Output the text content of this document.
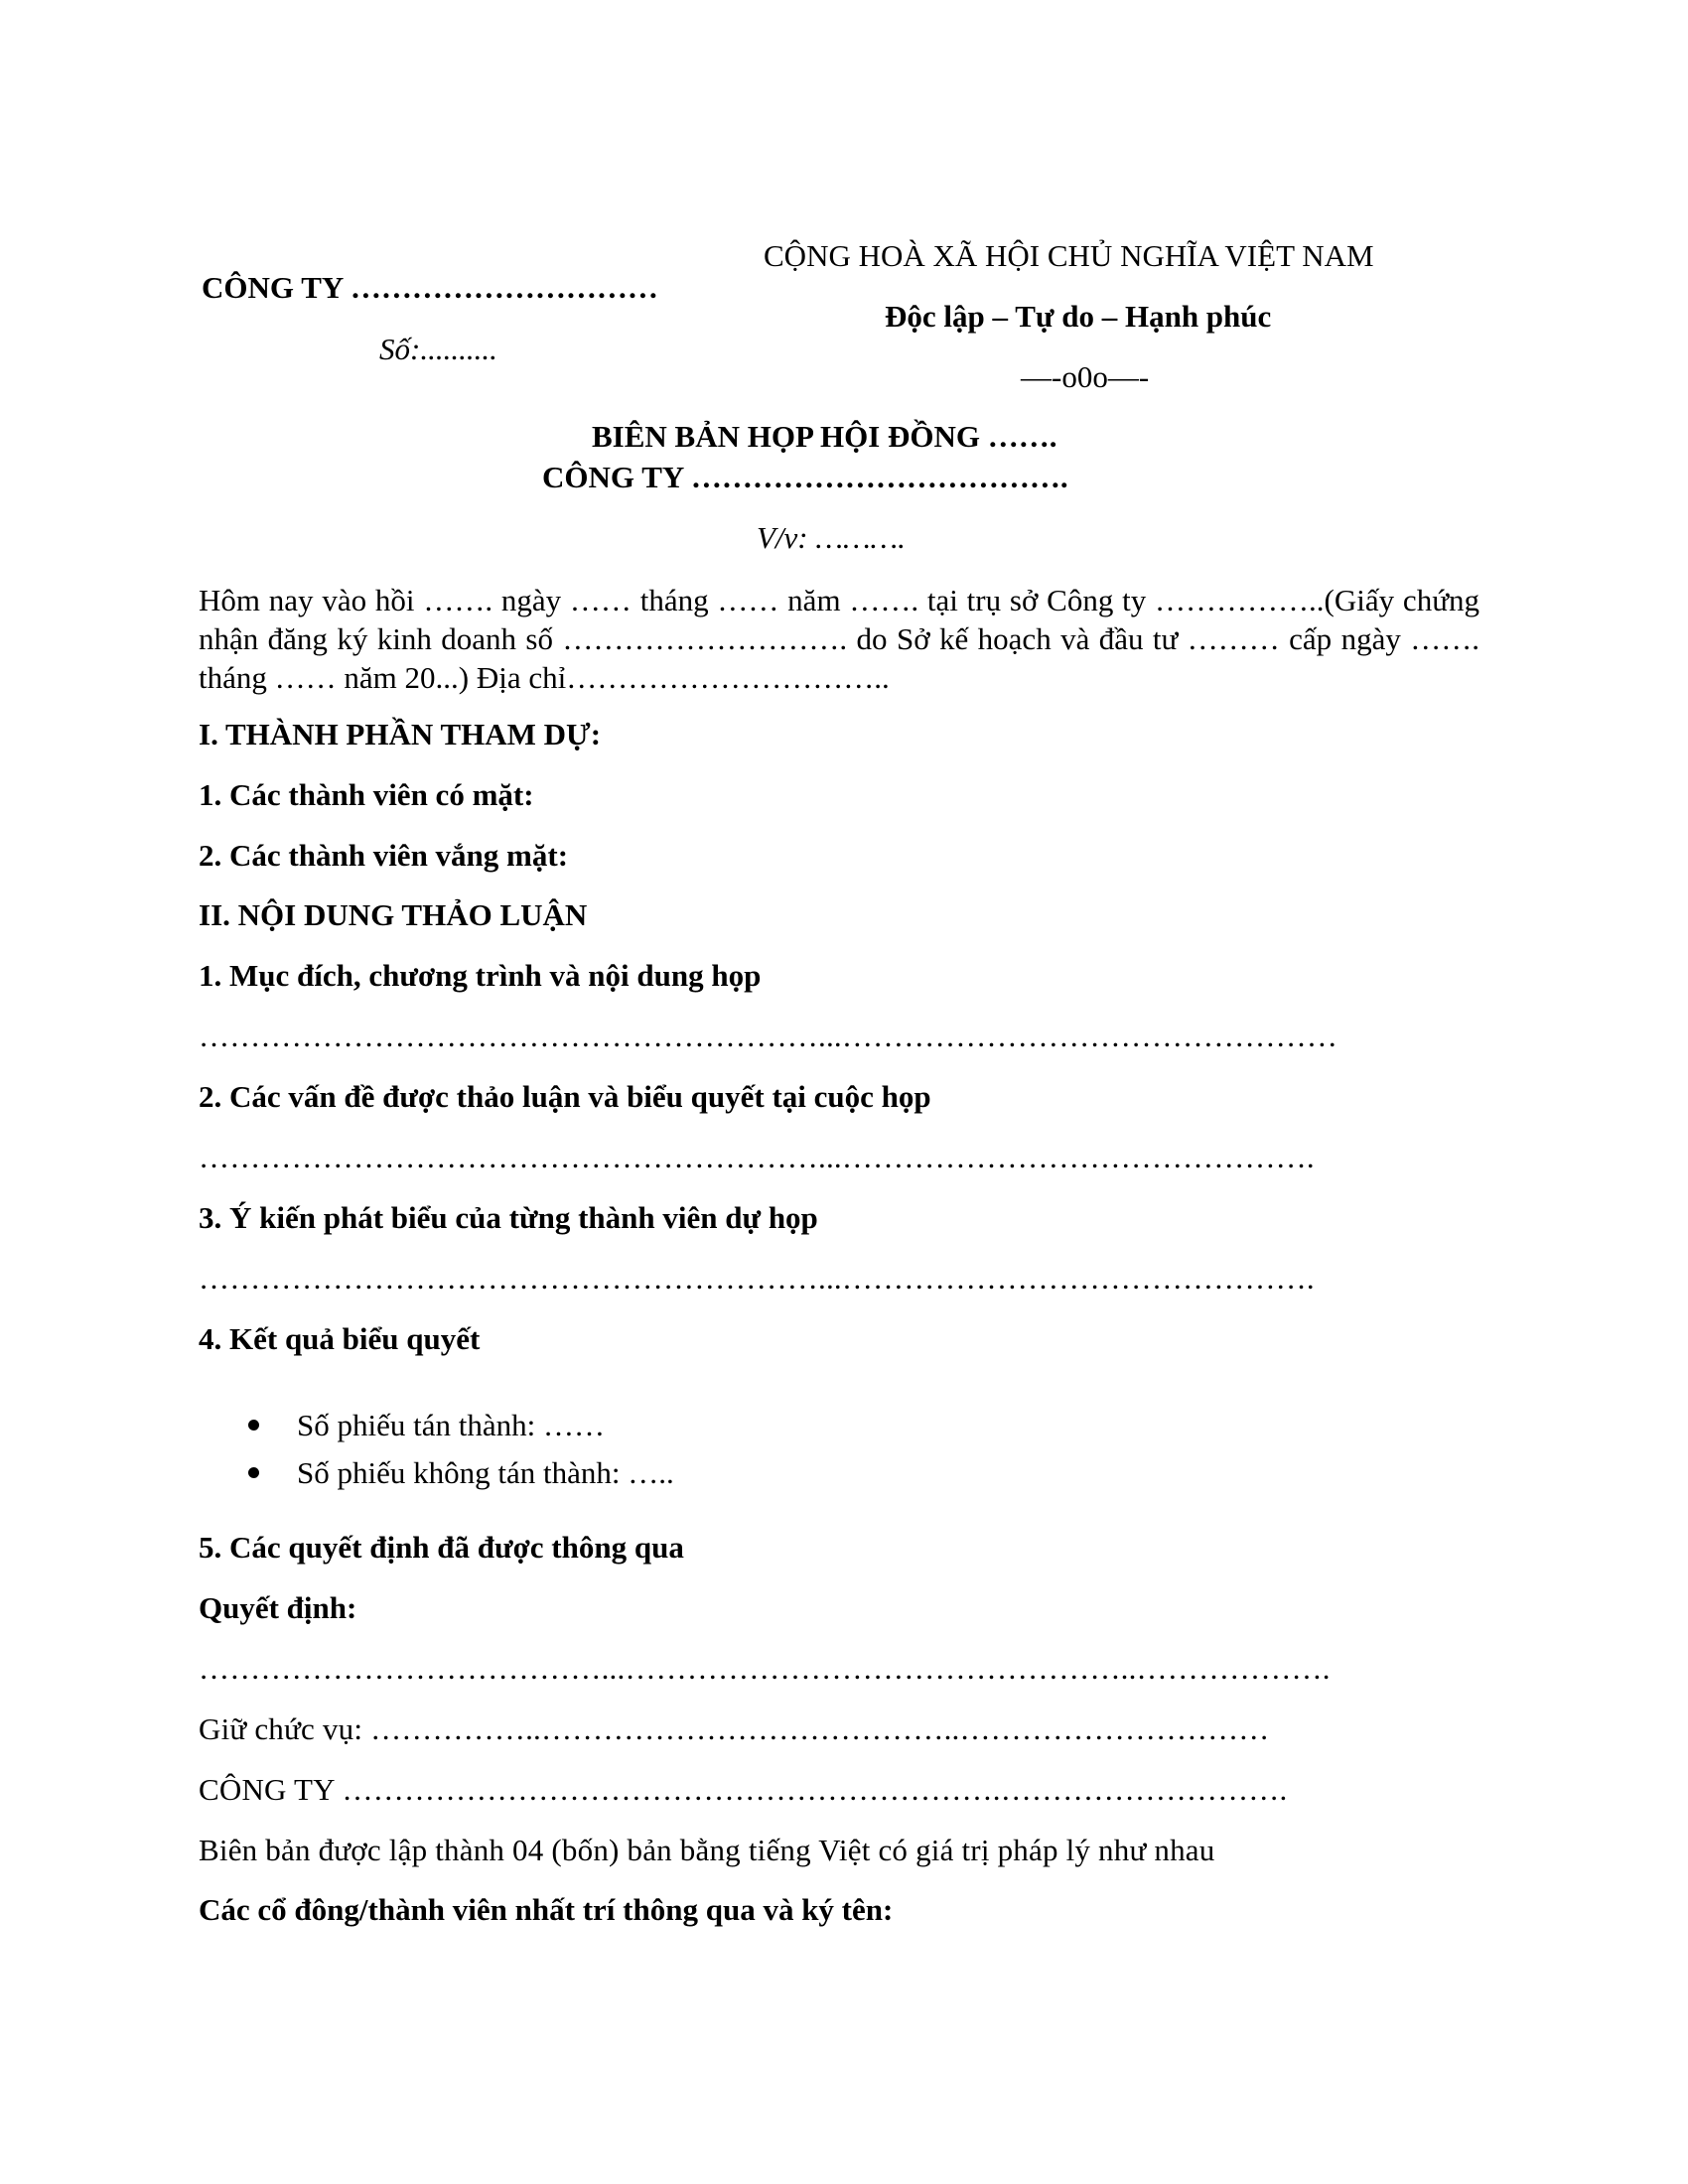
CÔNG TY …………………………
Số:..........
CỘNG HOÀ XÃ HỘI CHỦ NGHĨA VIỆT NAM
Độc lập – Tự do – Hạnh phúc
—-o0o—-
BIÊN BẢN HỌP HỘI ĐỒNG …….
CÔNG TY ……………………………….
V/v: ……….
Hôm nay vào hồi ……. ngày …… tháng …… năm ……. tại trụ sở Công ty ……………..(Giấy chứng nhận đăng ký kinh doanh số ………………………. do Sở kế hoạch và đầu tư ……… cấp ngày ……. tháng …… năm 20...) Địa chỉ…………………………..
I. THÀNH PHẦN THAM DỰ:
1. Các thành viên có mặt:
2. Các thành viên vắng mặt:
II. NỘI DUNG THẢO LUẬN
1. Mục đích, chương trình và nội dung họp
……………………………………………………...…………………………………………
2. Các vấn đề được thảo luận và biểu quyết tại cuộc họp
……………………………………………………...……………………………………….
3. Ý kiến phát biểu của từng thành viên dự họp
……………………………………………………...……………………………………….
4. Kết quả biểu quyết
Số phiếu tán thành: ……
Số phiếu không tán thành: …..
5. Các quyết định đã được thông qua
Quyết định:
…………………………………...…………………………………………..……………….
Giữ chức vụ: ……………..…………………………………..…………………………
CÔNG TY ……………………………………………………….……………………….
Biên bản được lập thành 04 (bốn) bản bằng tiếng Việt có giá trị pháp lý như nhau
Các cổ đông/thành viên nhất trí thông qua và ký tên:
